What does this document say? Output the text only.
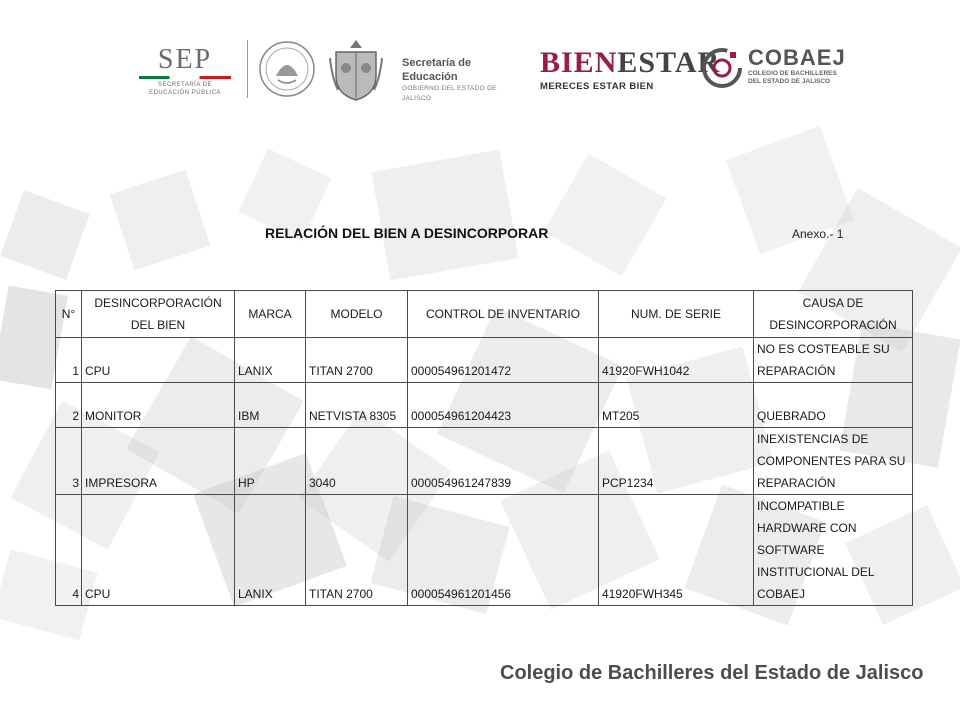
SEP
SECRETARÍA DE
EDUCACIÓN PÚBLICA
Secretaría de Educación
GOBIERNO DEL ESTADO DE JALISCO
BIENESTAR
MERECES ESTAR BIEN
COBAEJ
COLEGIO DE BACHILLERES
DEL ESTADO DE JALISCO
RELACIÓN DEL BIEN A DESINCORPORAR	Anexo.- 1
N°	DESINCORPORACIÓN DEL BIEN	MARCA	MODELO	CONTROL DE INVENTARIO	NUM. DE SERIE	CAUSA DE DESINCORPORACIÓN
1	CPU	LANIX	TITAN 2700	000054961201472	41920FWH1042	NO ES COSTEABLE SU REPARACIÓN
2	MONITOR	IBM	NETVISTA 8305	000054961204423	MT205	QUEBRADO
3	IMPRESORA	HP	3040	000054961247839	PCP1234	INEXISTENCIAS DE COMPONENTES PARA SU REPARACIÓN
4	CPU	LANIX	TITAN 2700	000054961201456	41920FWH345	INCOMPATIBLE HARDWARE CON SOFTWARE INSTITUCIONAL DEL COBAEJ
Colegio de Bachilleres del Estado de Jalisco
